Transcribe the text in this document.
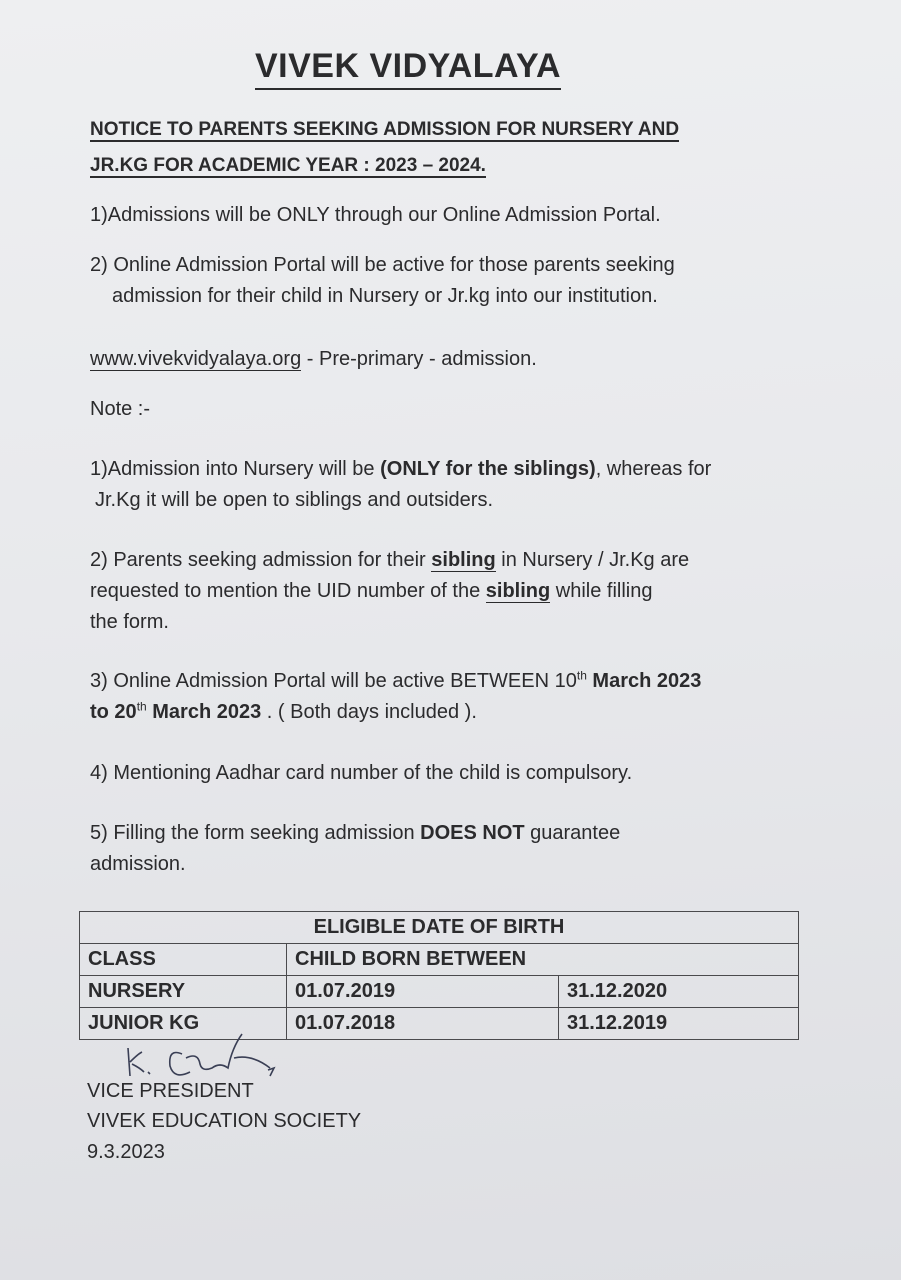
VIVEK VIDYALAYA
NOTICE TO PARENTS SEEKING ADMISSION FOR NURSERY AND
JR.KG FOR ACADEMIC YEAR : 2023 – 2024.

1)Admissions will be ONLY through our Online Admission Portal.

2) Online Admission Portal will be active for those parents seeking
admission for their child in Nursery or Jr.kg into our institution.

www.vivekvidyalaya.org - Pre-primary - admission.

Note :-

1)Admission into Nursery will be (ONLY for the siblings), whereas for
Jr.Kg it will be open to siblings and outsiders.

2) Parents seeking admission for their sibling in Nursery / Jr.Kg are
requested to mention the UID number of the sibling while filling
the form.

3) Online Admission Portal will be active BETWEEN 10th March 2023
to 20th March 2023 . ( Both days included ).

4) Mentioning Aadhar card number of the child is compulsory.

5) Filling the form seeking admission DOES NOT guarantee
admission.

ELIGIBLE DATE OF BIRTH		
CLASS	CHILD BORN BETWEEN	
NURSERY	01.07.2019	31.12.2020
JUNIOR KG	01.07.2018	31.12.2019
VICE PRESIDENT
VIVEK EDUCATION SOCIETY
9.3.2023
